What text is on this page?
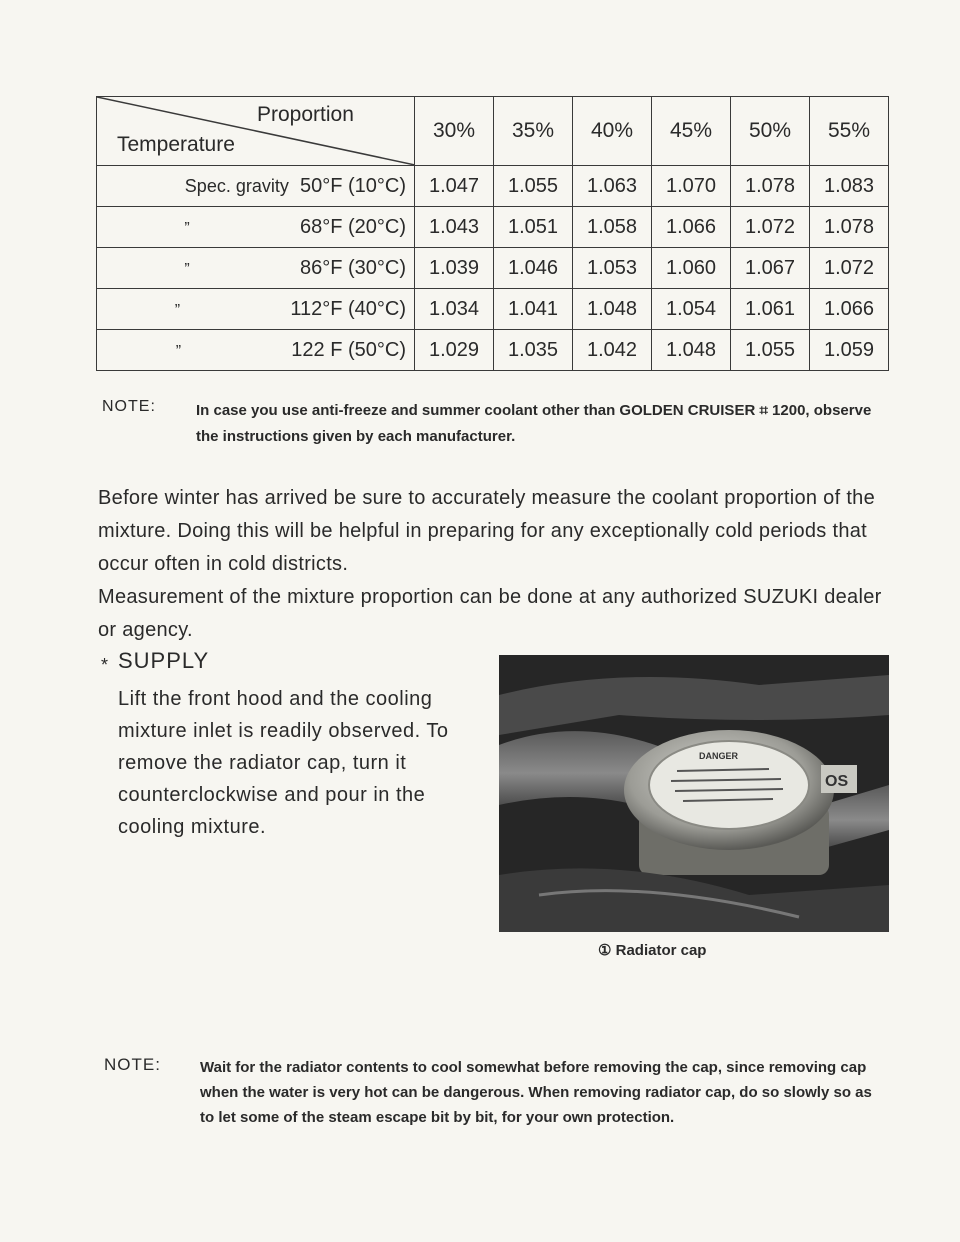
Proportion
Temperature	30%	35%	40%	45%	50%	55%
Spec. gravity 50°F (10°C)	1.047	1.055	1.063	1.070	1.078	1.083
” 68°F (20°C)	1.043	1.051	1.058	1.066	1.072	1.078
” 86°F (30°C)	1.039	1.046	1.053	1.060	1.067	1.072
” 112°F (40°C)	1.034	1.041	1.048	1.054	1.061	1.066
” 122 F (50°C)	1.029	1.035	1.042	1.048	1.055	1.059
NOTE:	In case you use anti-freeze and summer coolant other than GOLDEN CRUISER ⌗ 1200, observe the instructions given by each manufacturer.

Before winter has arrived be sure to accurately measure the coolant proportion of the mixture. Doing this will be helpful in preparing for any exceptionally cold periods that occur often in cold districts.

Measurement of the mixture proportion can be done at any authorized SUZUKI dealer or agency.

* SUPPLY
Lift the front hood and the cooling mixture inlet is readily observed. To remove the radiator cap, turn it counterclockwise and pour in the cooling mixture.
DANGER
OS
① Radiator cap
NOTE:	Wait for the radiator contents to cool somewhat before removing the cap, since removing cap when the water is very hot can be dangerous. When removing radiator cap, do so slowly so as to let some of the steam escape bit by bit, for your own protection.
